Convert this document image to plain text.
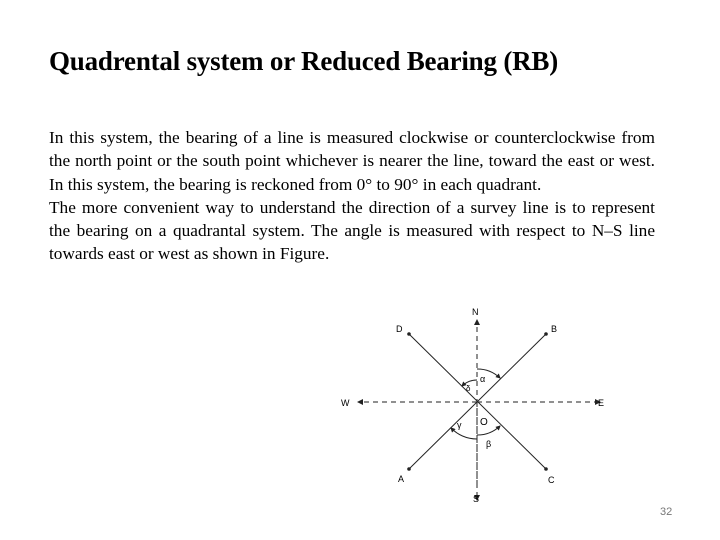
Quadrental system or Reduced Bearing (RB)

In this system, the bearing of a line is measured clockwise or counterclockwise from the north point or the south point whichever is nearer the line, toward the east or west. In this system, the bearing is reckoned from 0° to 90° in each quadrant.

The more convenient way to understand the direction of a survey line is to represent the bearing on a quadrantal system. The angle is measured with respect to N–S line towards east or west as shown in Figure.

N
S
E
W
A
B
C
D
O
α
δ
β
γ
32
